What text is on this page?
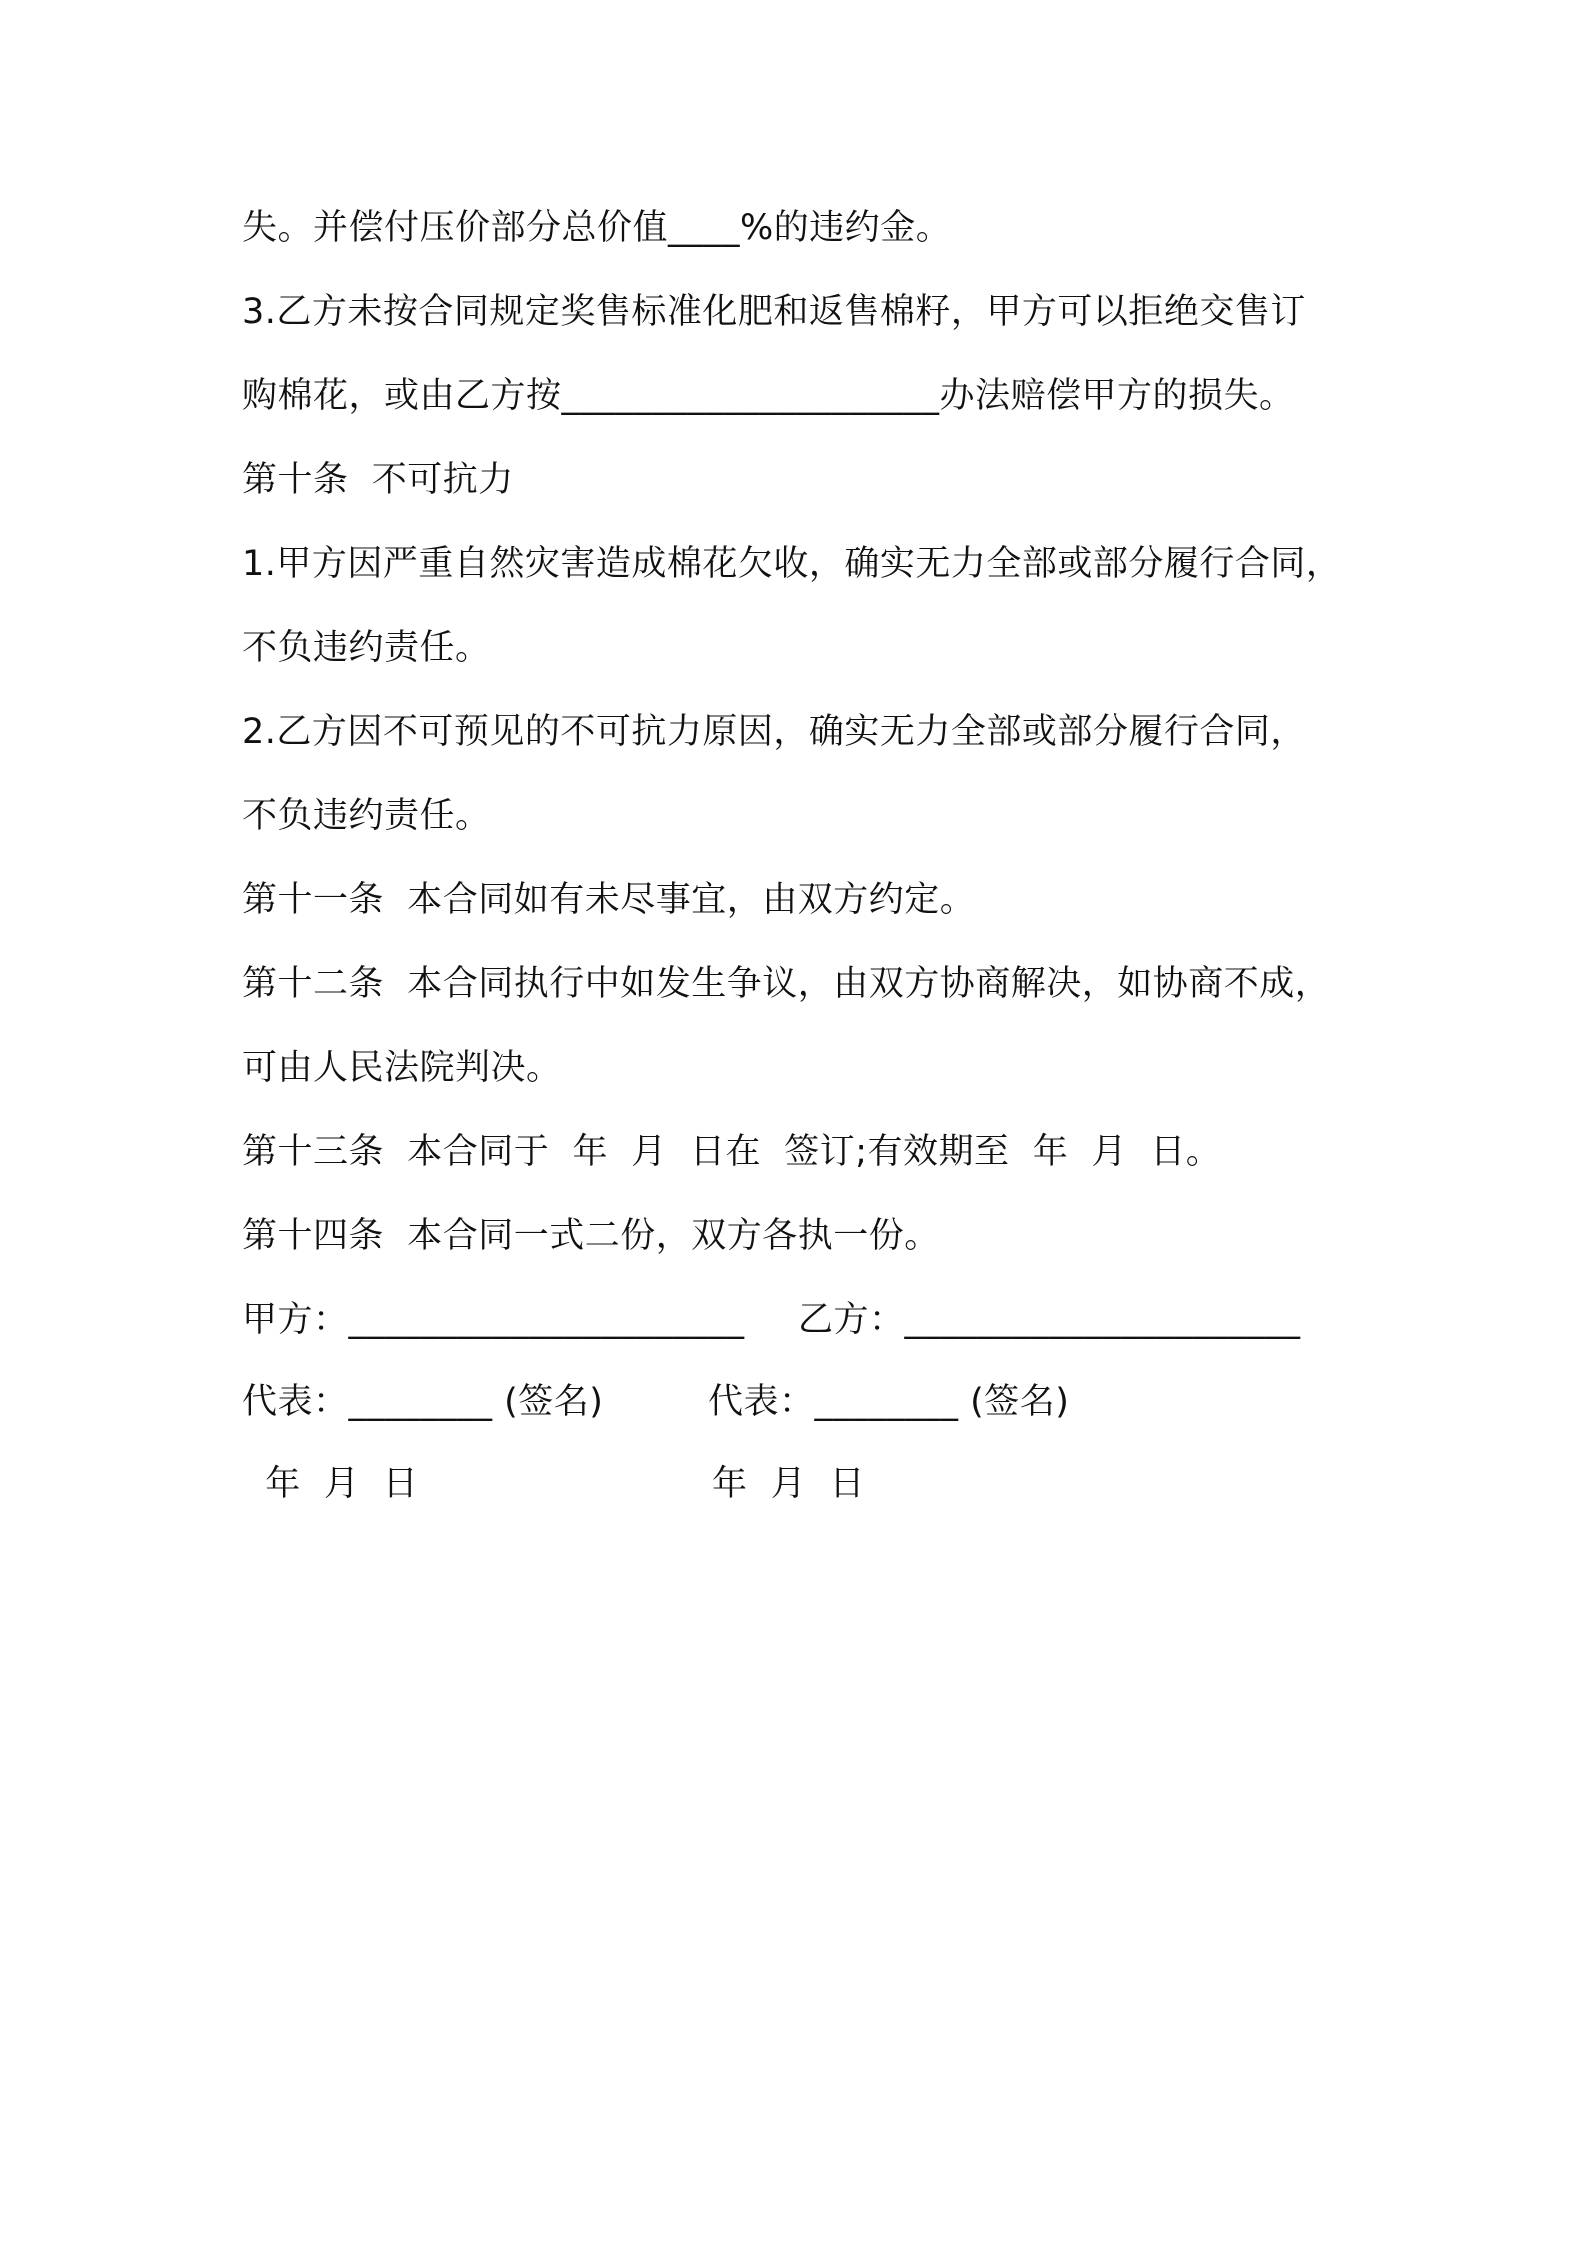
失。并偿付压价部分总价值____%的违约金。
3.乙方未按合同规定奖售标准化肥和返售棉籽，甲方可以拒绝交售订
购棉花，或由乙方按_____________________办法赔偿甲方的损失。
第十条  不可抗力
1.甲方因严重自然灾害造成棉花欠收，确实无力全部或部分履行合同，
不负违约责任。
2.乙方因不可预见的不可抗力原因，确实无力全部或部分履行合同，
不负违约责任。
第十一条  本合同如有未尽事宜，由双方约定。
第十二条  本合同执行中如发生争议，由双方协商解决，如协商不成，
可由人民法院判决。
第十三条  本合同于  年  月  日在  签订;有效期至  年  月  日。
第十四条  本合同一式二份，双方各执一份。
甲方：______________________ 乙方：______________________
代表：________ (签名)	代表：________ (签名)
年  月  日	年  月  日
